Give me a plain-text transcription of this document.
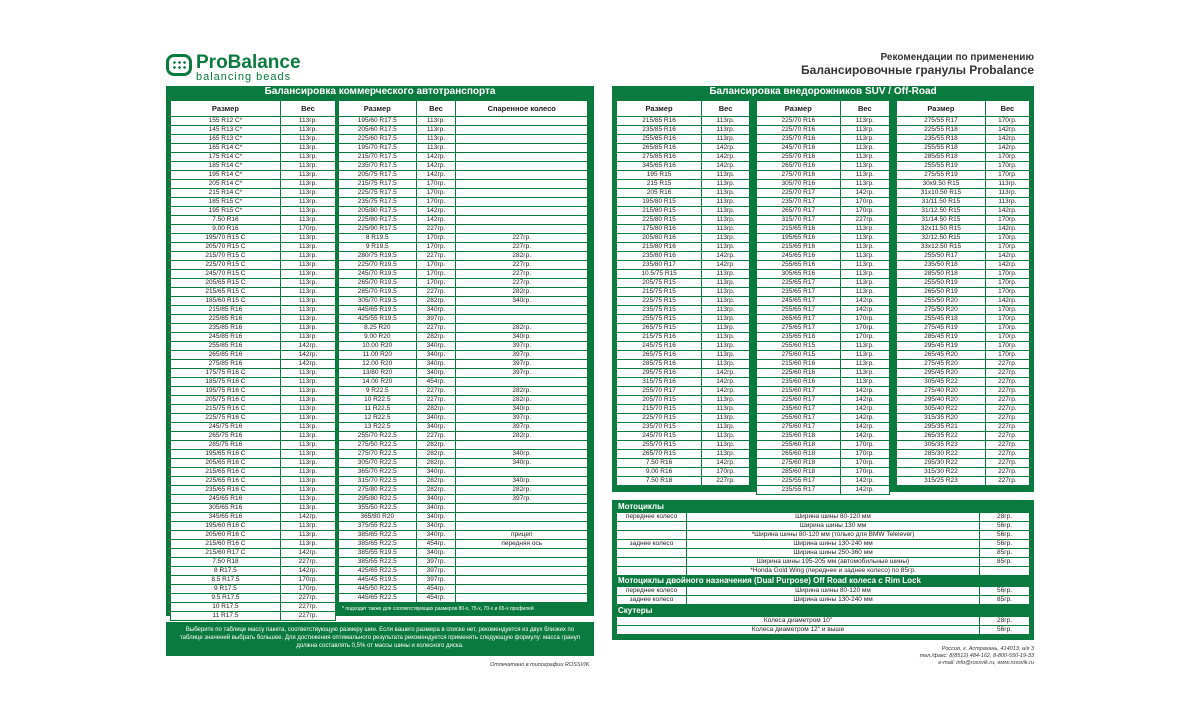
ProBalance
balancing beads
Рекомендации по применению
Балансировочные гранулы Probalance
Балансировка коммерческого автотранспорта
Размер	Вес
155 R12 C*	113гр.
145 R13 C*	113гр.
165 R13 C*	113гр.
165 R14 C*	113гр.
175 R14 C*	113гр.
185 R14 C*	113гр.
195 R14 C*	113гр.
205 R14 C*	113гр.
215 R14 C*	113гр.
185 R15 C*	113гр.
195 R15 C*	113гр.
7.50 R16	113гр.
9.00 R16	170гр.
195/70 R15 C	113гр.
205/70 R15 C	113гр.
215/70 R15 C	113гр.
225/70 R15 C	113гр.
245/70 R15 C	113гр.
205/65 R15 C	113гр.
215/65 R15 C	113гр.
185/60 R15 C	113гр.
215/85 R16	113гр.
225/85 R16	113гр.
235/85 R16	113гр.
245/85 R16	113гр.
255/85 R16	142гр.
265/85 R16	142гр.
275/85 R16	142гр.
175/75 R16 C	113гр.
185/75 R16 C	113гр.
195/75 R16 C	113гр.
205/75 R16 C	113гр.
215/75 R16 C	113гр.
225/75 R16 C	113гр.
245/75 R16	113гр.
265/75 R16	113гр.
285/75 R16	113гр.
195/65 R16 C	113гр.
205/65 R16 C	113гр.
215/65 R16 C	113гр.
225/65 R16 C	113гр.
235/65 R16 C	113гр.
245/65 R16	113гр.
305/65 R16	113гр.
345/65 R16	142гр.
195/60 R16 C	113гр.
205/60 R16 C	113гр.
215/60 R16 C	113гр.
215/60 R17 C	142гр.
7.50 R18	227гр.
8 R17.5	142гр.
8.5 R17.5	170гр.
9 R17.5	170гр.
9.5 R17.5	227гр.
10 R17.5	227гр.
11 R17.5	227гр.
Размер	Вес	Спаренное колесо
195/60 R17.5	113гр.	
205/60 R17.5	113гр.	
225/60 R17.5	113гр.	
195/70 R17.5	113гр.	
215/70 R17.5	142гр.	
235/70 R17.5	142гр.	
205/75 R17.5	142гр.	
215/75 R17.5	170гр.	
225/75 R17.5	170гр.	
235/75 R17.5	170гр.	
205/80 R17.5	142гр.	
225/80 R17.5	142гр.	
225/90 R17.5	227гр.	
8 R19.5	170гр.	227гр.
9 R19.5	170гр.	227гр.
280/75 R19.5	227гр.	282гр.
225/70 R19.5	170гр.	227гр.
245/70 R19.5	170гр.	227гр.
265/70 R19.5	170гр.	227гр.
285/70 R19.5	227гр.	282гр.
305/70 R19.5	282гр.	340гр.
445/65 R19.5	340гр.	
425/55 R19.5	397гр.	
8.25 R20	227гр.	282гр.
9.00 R20	282гр.	340гр.
10.00 R20	340гр.	397гр.
11.00 R20	340гр.	397гр.
12.00 R20	340гр.	397гр.
13/80 R20	340гр.	397гр.
14.00 R20	454гр.	
9 R22.5	227гр.	282гр.
10 R22.5	227гр.	282гр.
11 R22.5	282гр.	340гр.
12 R22.5	340гр.	397гр.
13 R22.5	340гр.	397гр.
255/70 R22.5	227гр.	282гр.
275/50 R22.5	282гр.	
275/70 R22.5	282гр.	340гр.
305/70 R22.5	282гр.	340гр.
365/70 R22.5	340гр.	
315/70 R22.5	282гр.	340гр.
275/80 R22.5	282гр.	282гр.
295/80 R22.5	340гр.	397гр.
355/50 R22.5	340гр.	
365/80 R20	340гр.	
375/55 R22.5	340гр.	
385/65 R22.5	340гр.	прицеп
385/65 R22.5	454гр.	передняя ось
385/55 R19.5	340гр.	
385/55 R22.5	397гр.	
425/65 R22.5	397гр.	
445/45 R19.5	397гр.	
445/50 R22.5	454гр.	
445/65 R22.5	454гр.	
* подходит также для соответствующих размеров 80-х, 75-х, 70-х и 65-х профилей
Выберите по таблице массу пакета, соответствующую размеру шин. Если вашего размера в списке нет, рекомендуется из двух близких по таблице значений выбрать большее. Для достижения оптимального результата рекомендуется применять следующую формулу: масса гранул должна составлять 0,5% от массы шины и колесного диска.
Отпечатано в типографии ROSSVIK
Балансировка внедорожников SUV / Off-Road
Размер	Вес
215/85 R16	113гр.
235/85 R16	113гр.
255/85 R16	113гр.
265/85 R16	142гр.
275/85 R16	142гр.
345/65 R16	142гр.
195 R15	113гр.
215 R15	113гр.
205 R16	113гр.
195/80 R15	113гр.
215/80 R15	113гр.
225/80 R15	113гр.
175/80 R16	113гр.
205/80 R16	113гр.
215/80 R16	113гр.
235/80 R16	142гр.
235/80 R17	142гр.
10.5/75 R15	113гр.
205/75 R15	113гр.
215/75 R15	113гр.
225/75 R15	113гр.
235/75 R15	113гр.
255/75 R15	113гр.
265/75 R15	113гр.
215/75 R16	113гр.
245/75 R16	113гр.
265/75 R16	113гр.
285/75 R16	113гр.
295/75 R16	142гр.
315/75 R16	142гр.
255/70 R17	142гр.
205/70 R15	113гр.
215/70 R15	113гр.
225/70 R15	113гр.
235/70 R15	113гр.
245/70 R15	113гр.
255/70 R15	113гр.
265/70 R15	113гр.
7.50 R16	142гр.
9.00 R16	170гр.
7.50 R18	227гр.
Размер	Вес
225/70 R16	113гр.
225/70 R16	113гр.
235/70 R16	113гр.
245/70 R16	113гр.
255/70 R16	113гр.
265/70 R16	113гр.
275/70 R16	113гр.
305/70 R16	113гр.
225/70 R17	142гр.
235/70 R17	170гр.
265/70 R17	170гр.
315/70 R17	227гр.
215/65 R16	113гр.
195/65 R16	113гр.
215/65 R16	113гр.
245/65 R16	113гр.
255/65 R16	113гр.
305/65 R16	113гр.
225/65 R17	113гр.
235/65 R17	113гр.
245/65 R17	142гр.
255/65 R17	142гр.
265/65 R17	170гр.
275/65 R17	170гр.
235/65 R18	170гр.
255/60 R15	113гр.
275/60 R15	113гр.
215/60 R16	113гр.
225/60 R16	113гр.
235/60 R16	113гр.
215/60 R17	142гр.
225/60 R17	142гр.
235/60 R17	142гр.
255/60 R17	142гр.
275/60 R17	142гр.
235/60 R18	142гр.
255/60 R18	170гр.
265/60 R18	170гр.
275/60 R18	170гр.
285/60 R18	170гр.
225/55 R17	142гр.
235/55 R17	142гр.
Размер	Вес
275/55 R17	170гр.
225/55 R18	142гр.
235/55 R18	142гр.
255/55 R18	142гр.
285/55 R18	170гр.
255/55 R19	170гр.
275/55 R19	170гр.
30x9.50 R15	113гр.
31x10.50 R15	113гр.
31/11.50 R15	113гр.
31/12.50 R15	142гр.
31/14.50 R15	170гр.
32x11.50 R15	142гр.
32/12.50 R15	170гр.
33x12.50 R15	170гр.
255/50 R17	142гр.
235/50 R18	142гр.
285/50 R18	170гр.
255/50 R19	170гр.
265/50 R19	170гр.
255/50 R20	142гр.
275/50 R20	170гр.
255/45 R18	170гр.
275/45 R19	170гр.
285/45 R19	170гр.
295/45 R19	170гр.
265/45 R20	170гр.
275/45 R20	227гр.
295/45 R20	227гр.
305/45 R22	227гр.
275/40 R20	227гр.
295/40 R20	227гр.
305/40 R22	227гр.
315/35 R20	227гр.
295/35 R21	227гр.
265/35 R22	227гр.
305/35 R23	227гр.
285/30 R22	227гр.
295/30 R22	227гр.
315/30 R22	227гр.
315/25 R23	227гр.
Мотоциклы
переднее колесо	Ширина шины 80-120 мм	28гр.
	Ширина шины 130 мм	56гр.
	*Ширина шины 80-120 мм (только для BMW Telelever)	56гр.
заднее колесо	Ширина шины 130-240 мм	56гр.
	Ширина шины 250-360 мм	85гр.
	Ширина шины 195-205 мм (автомобильные шины)	85гр.
	*Honda Gold Wing (переднее и заднее колесо) по 85гр.	
Мотоциклы двойного назначения (Dual Purpose) Off Road колеса с Rim Lock
переднее колесо	Ширина шины 80-120 мм	56гр.
заднее колесо	Ширина шины 130-240 мм	85гр.
Скутеры
Колеса диаметром 10"	28гр.
Колеса диаметром 12" и выше	56гр.
Россия, г. Астрахань, 414013, а/я 3
тел./факс: 8(8512) 484-162, 8-800-550-19-33
e-mail: info@rossvik.ru, www.rossvik.ru
